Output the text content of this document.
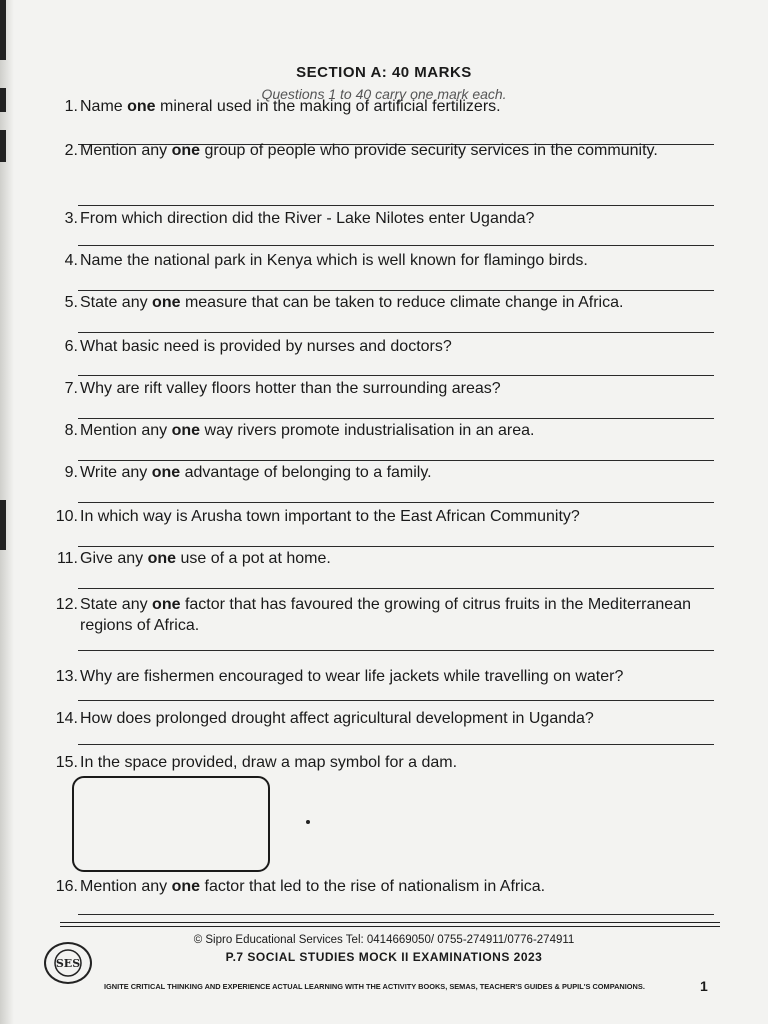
SECTION A: 40 MARKS
Questions 1 to 40 carry one mark each.
1. Name one mineral used in the making of artificial fertilizers.
2. Mention any one group of people who provide security services in the community.
3. From which direction did the River - Lake Nilotes enter Uganda?
4. Name the national park in Kenya which is well known for flamingo birds.
5. State any one measure that can be taken to reduce climate change in Africa.
6. What basic need is provided by nurses and doctors?
7. Why are rift valley floors hotter than the surrounding areas?
8. Mention any one way rivers promote industrialisation in an area.
9. Write any one advantage of belonging to a family.
10. In which way is Arusha town important to the East African Community?
11. Give any one use of a pot at home.
12. State any one factor that has favoured the growing of citrus fruits in the Mediterranean regions of Africa.
13. Why are fishermen encouraged to wear life jackets while travelling on water?
14. How does prolonged drought affect agricultural development in Uganda?
15. In the space provided, draw a map symbol for a dam.
16. Mention any one factor that led to the rise of nationalism in Africa.
SES
© Sipro Educational Services Tel: 0414669050/ 0755-274911/0776-274911
P.7 SOCIAL STUDIES MOCK II EXAMINATIONS 2023
IGNITE CRITICAL THINKING AND EXPERIENCE ACTUAL LEARNING WITH THE ACTIVITY BOOKS, SEMAS, TEACHER'S GUIDES & PUPIL'S COMPANIONS.	1
